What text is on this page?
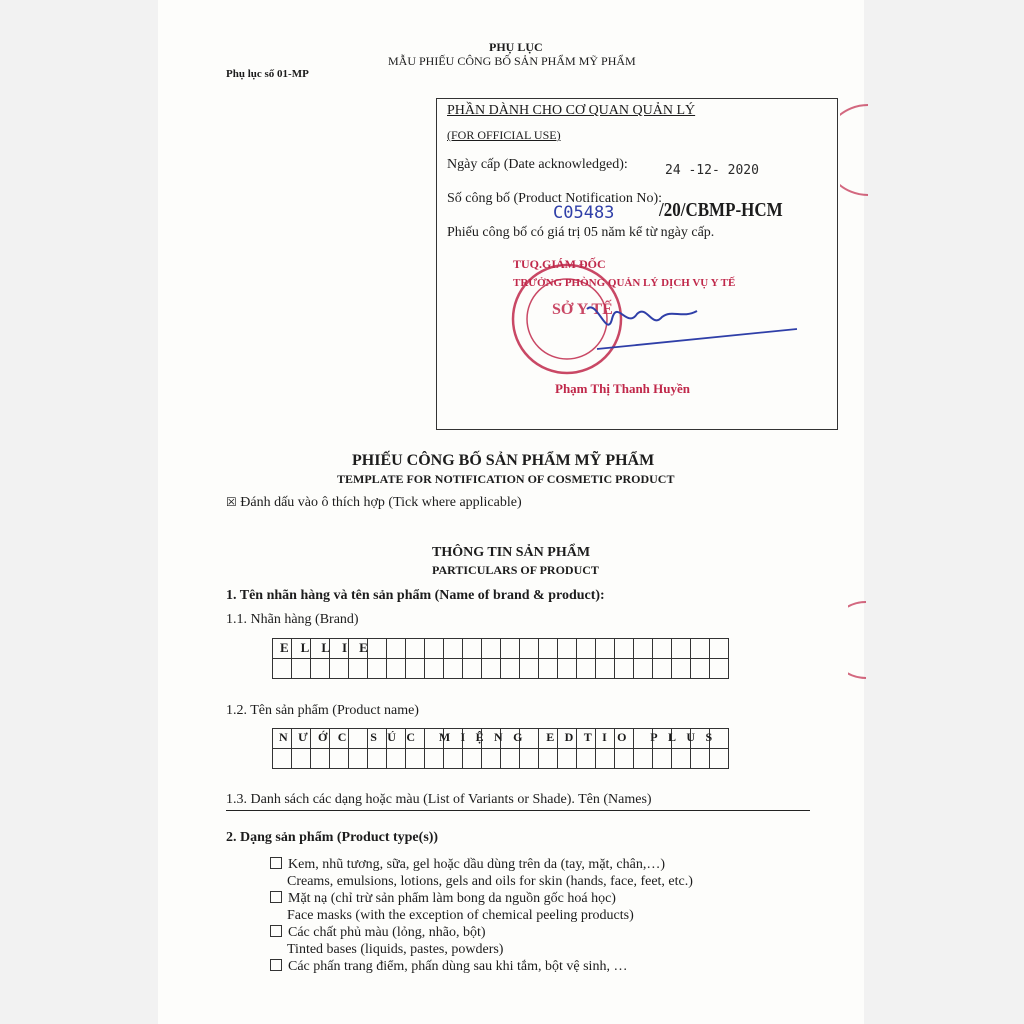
PHỤ LỤC
MẪU PHIẾU CÔNG BỐ SẢN PHẨM MỸ PHẨM
Phụ lục số 01-MP
PHẦN DÀNH CHO CƠ QUAN QUẢN LÝ
(FOR OFFICIAL USE)
Ngày cấp (Date acknowledged):	24 -12- 2020
Số công bố (Product Notification No):
C05483 /20/CBMP-HCM
Phiếu công bố có giá trị 05 năm kể từ ngày cấp.
TUQ.GIÁM ĐỐC
TRƯỞNG PHÒNG QUẢN LÝ DỊCH VỤ Y TẾ
Phạm Thị Thanh Huyền
SỞ Y TẾ
PHIẾU CÔNG BỐ SẢN PHẨM MỸ PHẨM
TEMPLATE FOR NOTIFICATION OF COSMETIC PRODUCT
☒ Đánh dấu vào ô thích hợp (Tick where applicable)
THÔNG TIN SẢN PHẨM
PARTICULARS OF PRODUCT
1. Tên nhãn hàng và tên sản phẩm (Name of brand & product):
1.1. Nhãn hàng (Brand)

ELLIE
1.2. Tên sản phẩm (Product name)

NƯỚC SÚC MIỆNG EDTIO PLUS
1.3. Danh sách các dạng hoặc màu (List of Variants or Shade). Tên (Names)
2. Dạng sản phẩm (Product type(s))
Kem, nhũ tương, sữa, gel hoặc dầu dùng trên da (tay, mặt, chân,…)
Creams, emulsions, lotions, gels and oils for skin (hands, face, feet, etc.)
Mặt nạ (chỉ trừ sản phẩm làm bong da nguồn gốc hoá học)
Face masks (with the exception of chemical peeling products)
Các chất phủ màu (lỏng, nhão, bột)
Tinted bases (liquids, pastes, powders)
Các phấn trang điểm, phấn dùng sau khi tắm, bột vệ sinh, …
